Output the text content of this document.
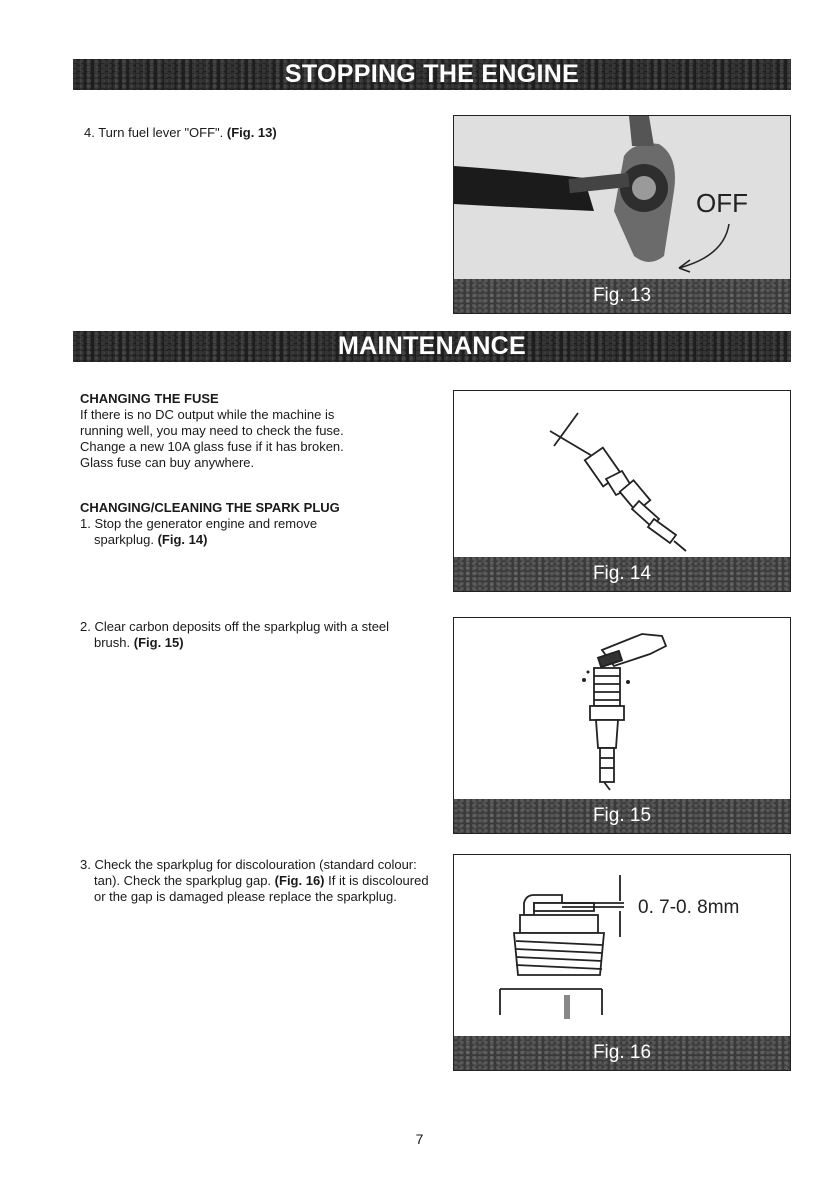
STOPPING THE ENGINE
4. Turn fuel lever "OFF". (Fig. 13)
OFF
Fig. 13
MAINTENANCE
CHANGING THE FUSE
If there is no DC output while the machine is
running well, you may need to check the fuse.
Change a new 10A glass fuse if it has broken.
Glass fuse can buy anywhere.
CHANGING/CLEANING THE SPARK PLUG
1. Stop the generator engine and remove sparkplug. (Fig. 14)
Fig. 14
2. Clear carbon deposits off the sparkplug with a steel brush. (Fig. 15)
Fig. 15
3. Check the sparkplug for discolouration (standard colour: tan). Check the sparkplug gap. (Fig. 16) If it is discoloured or the gap is damaged please replace the sparkplug.
0. 7-0. 8mm
Fig. 16
7
